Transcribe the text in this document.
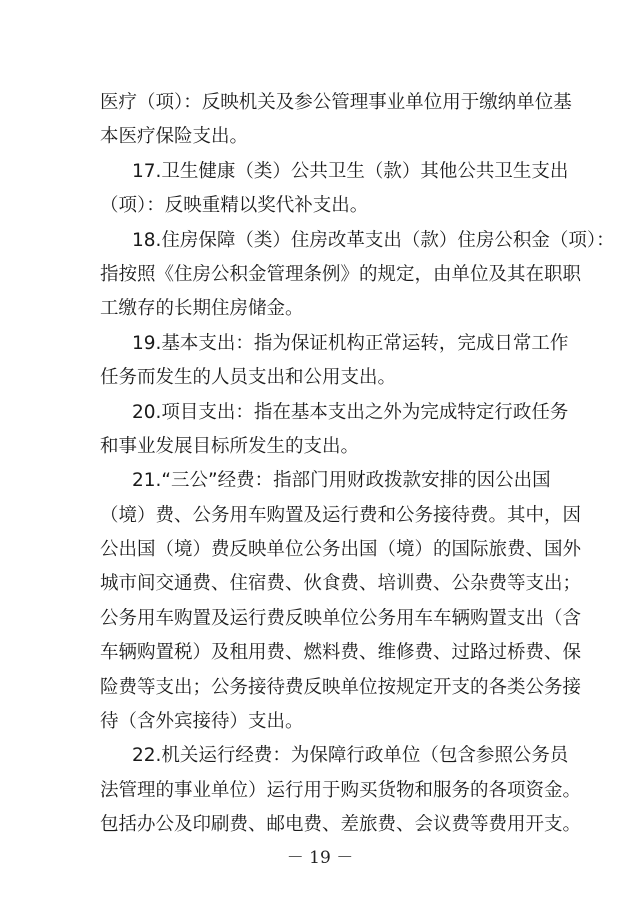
医疗（项）：反映机关及参公管理事业单位用于缴纳单位基
本医疗保险支出。
17.卫生健康（类）公共卫生（款）其他公共卫生支出
（项）：反映重精以奖代补支出。
18.住房保障（类）住房改革支出（款）住房公积金（项）：
指按照《住房公积金管理条例》的规定，由单位及其在职职
工缴存的长期住房储金。
19.基本支出：指为保证机构正常运转，完成日常工作
任务而发生的人员支出和公用支出。
20.项目支出：指在基本支出之外为完成特定行政任务
和事业发展目标所发生的支出。
21.“三公”经费：指部门用财政拨款安排的因公出国
（境）费、公务用车购置及运行费和公务接待费。其中，因
公出国（境）费反映单位公务出国（境）的国际旅费、国外
城市间交通费、住宿费、伙食费、培训费、公杂费等支出；
公务用车购置及运行费反映单位公务用车车辆购置支出（含
车辆购置税）及租用费、燃料费、维修费、过路过桥费、保
险费等支出；公务接待费反映单位按规定开支的各类公务接
待（含外宾接待）支出。
22.机关运行经费：为保障行政单位（包含参照公务员
法管理的事业单位）运行用于购买货物和服务的各项资金。
包括办公及印刷费、邮电费、差旅费、会议费等费用开支。
－ 19 －
